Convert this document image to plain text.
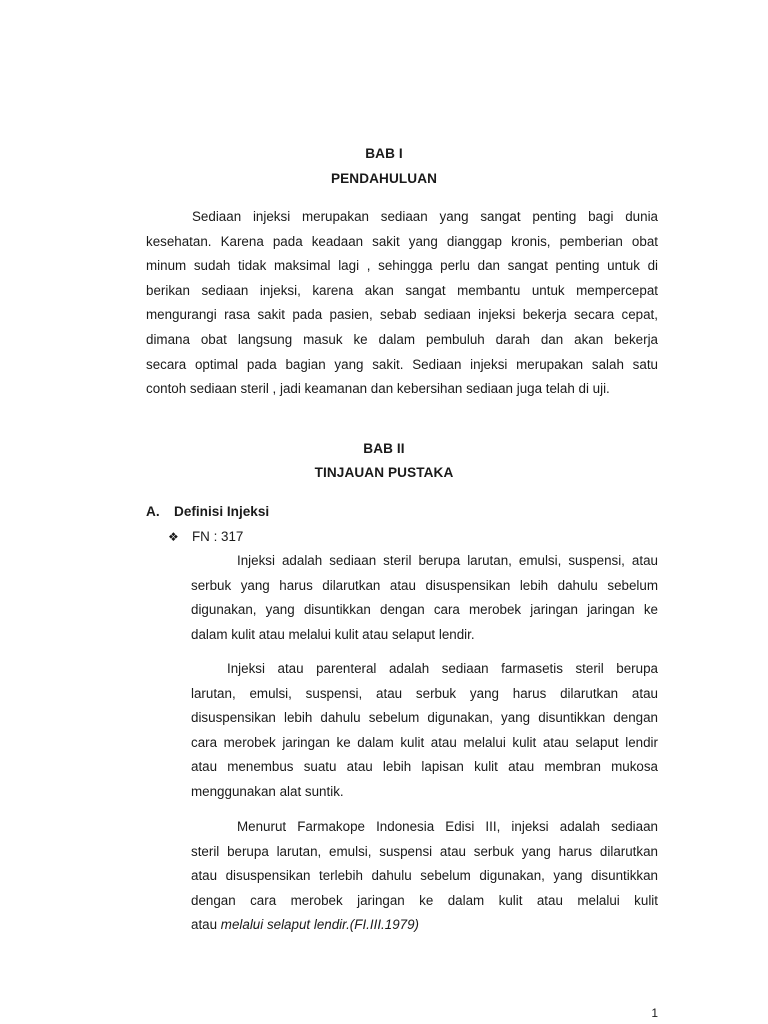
BAB I
PENDAHULUAN
Sediaan injeksi merupakan sediaan yang sangat penting bagi dunia
kesehatan. Karena pada keadaan sakit yang dianggap kronis, pemberian obat
minum sudah tidak maksimal lagi , sehingga perlu dan sangat penting untuk di
berikan sediaan injeksi, karena akan sangat membantu untuk mempercepat
mengurangi rasa sakit pada pasien, sebab sediaan injeksi bekerja secara cepat,
dimana obat langsung masuk ke dalam pembuluh darah dan akan bekerja
secara optimal pada bagian yang sakit. Sediaan injeksi merupakan salah satu
contoh sediaan steril , jadi keamanan dan kebersihan sediaan juga telah di uji.
BAB II
TINJAUAN PUSTAKA
A. Definisi Injeksi
❖ FN : 317
Injeksi adalah sediaan steril berupa larutan, emulsi, suspensi, atau
serbuk yang harus dilarutkan atau disuspensikan lebih dahulu sebelum
digunakan, yang disuntikkan dengan cara merobek jaringan jaringan ke
dalam kulit atau melalui kulit atau selaput lendir.
Injeksi atau parenteral adalah sediaan farmasetis steril berupa
larutan, emulsi, suspensi, atau serbuk yang harus dilarutkan atau
disuspensikan lebih dahulu sebelum digunakan, yang disuntikkan dengan
cara merobek jaringan ke dalam kulit atau melalui kulit atau selaput lendir
atau menembus suatu atau lebih lapisan kulit atau membran mukosa
menggunakan alat suntik.
Menurut Farmakope Indonesia Edisi III, injeksi adalah sediaan
steril berupa larutan, emulsi, suspensi atau serbuk yang harus dilarutkan
atau disuspensikan terlebih dahulu sebelum digunakan, yang disuntikkan
dengan cara merobek jaringan ke dalam kulit atau melalui kulit
atau melalui selaput lendir.(FI.III.1979)
1
